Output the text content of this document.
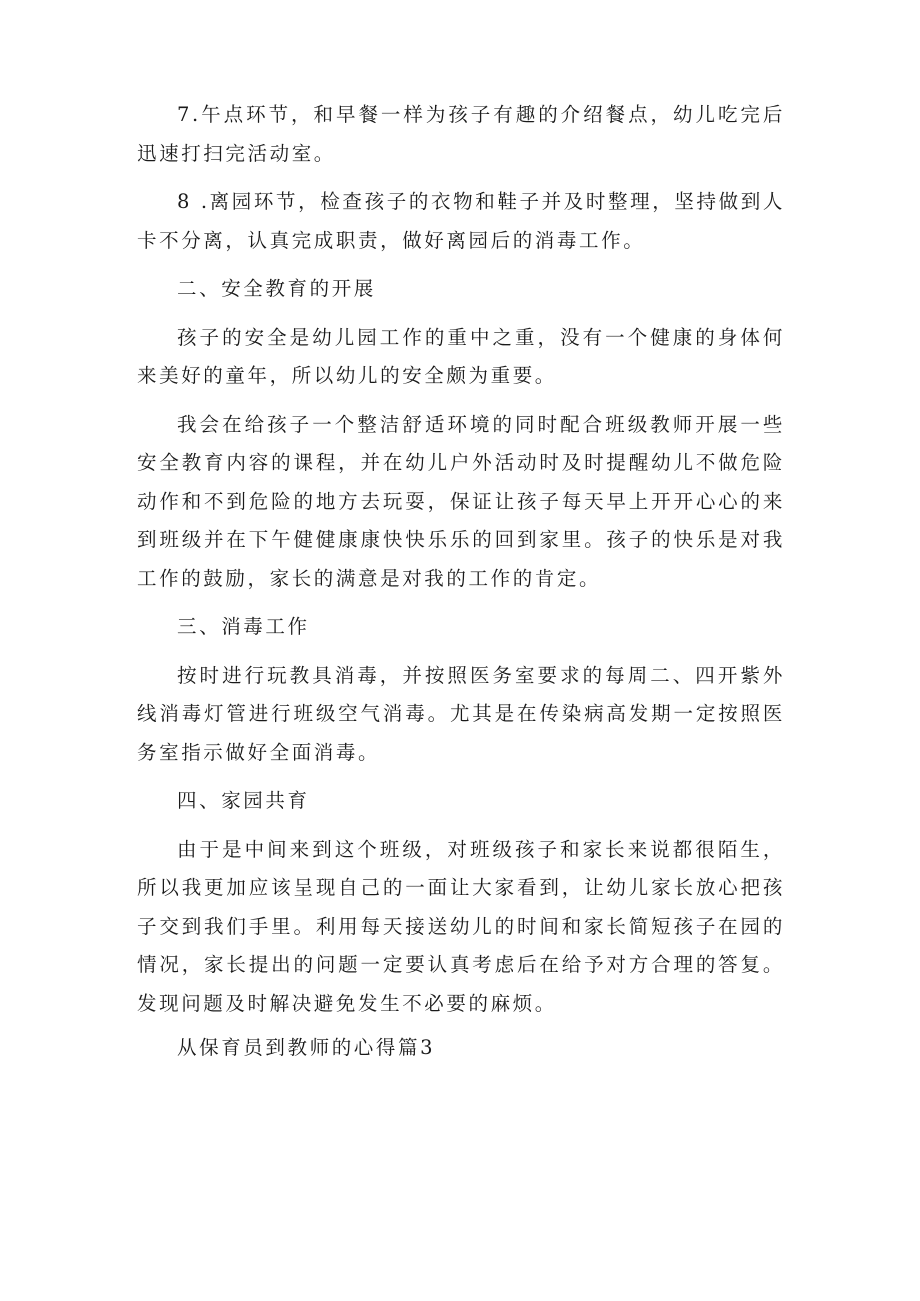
7.午点环节，和早餐一样为孩子有趣的介绍餐点，幼儿吃完后迅速打扫完活动室。

8 .离园环节，检查孩子的衣物和鞋子并及时整理，坚持做到人卡不分离，认真完成职责，做好离园后的消毒工作。

二、安全教育的开展

孩子的安全是幼儿园工作的重中之重，没有一个健康的身体何来美好的童年，所以幼儿的安全颇为重要。

我会在给孩子一个整洁舒适环境的同时配合班级教师开展一些安全教育内容的课程，并在幼儿户外活动时及时提醒幼儿不做危险动作和不到危险的地方去玩耍，保证让孩子每天早上开开心心的来到班级并在下午健健康康快快乐乐的回到家里。孩子的快乐是对我工作的鼓励，家长的满意是对我的工作的肯定。

三、消毒工作

按时进行玩教具消毒，并按照医务室要求的每周二、四开紫外线消毒灯管进行班级空气消毒。尤其是在传染病高发期一定按照医务室指示做好全面消毒。

四、家园共育

由于是中间来到这个班级，对班级孩子和家长来说都很陌生，所以我更加应该呈现自己的一面让大家看到，让幼儿家长放心把孩子交到我们手里。利用每天接送幼儿的时间和家长简短孩子在园的情况，家长提出的问题一定要认真考虑后在给予对方合理的答复。发现问题及时解决避免发生不必要的麻烦。

从保育员到教师的心得篇3
